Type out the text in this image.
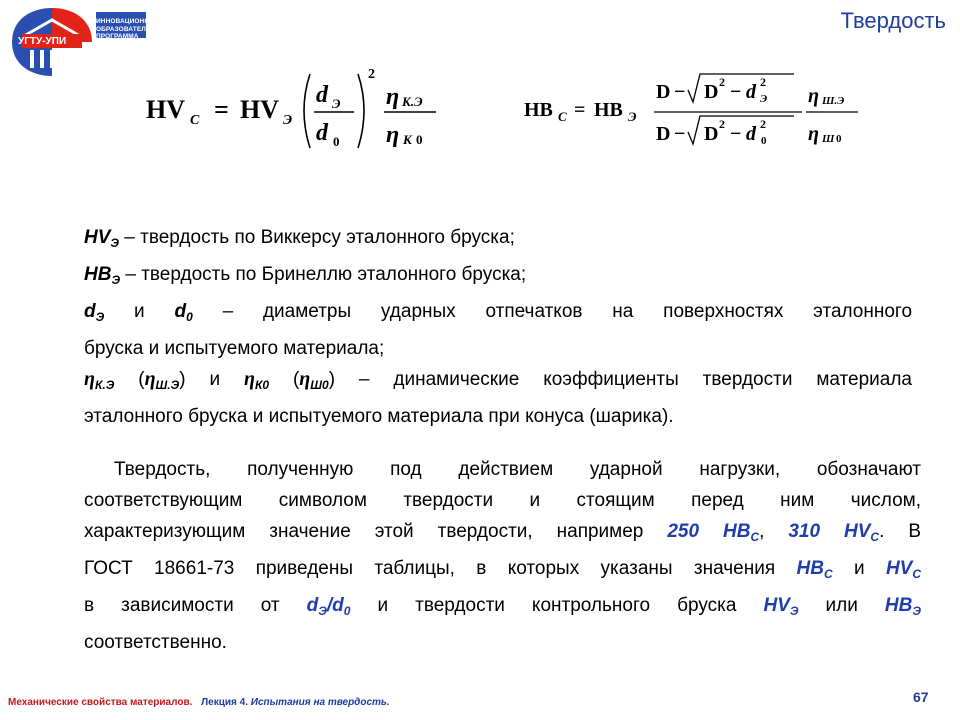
ИННОВАЦИОННАЯ
ОБРАЗОВАТЕЛЬНАЯ
ПРОГРАММА
УГТУ-УПИ
Твердость
HV C = HV Э
d Э
d 0
2
η К.Э
η К 0
HB C = HB Э
D − D 2 − d 2
Э
D − D 2 − d 2
0
η Ш.Э
η Ш 0
$HV_Э$ – твердость по Виккерсу эталонного бруска;
$HB_Э$ – твердость по Бринеллю эталонного бруска;
$d_Э$ и $d_0$ – диаметры ударных отпечатков на поверхностях эталонного
бруска и испытуемого материала;
$\eta_{К.Э}$ $(\eta_{Ш.Э})$ и $\eta_{К0}$ $(\eta_{Ш0})$ – динамические коэффициенты твердости материала
эталонного бруска и испытуемого материала при конуса (шарика).
Твердость, полученную под действием ударной нагрузки, обозначают
соответствующим символом твердости и стоящим перед ним числом,
характеризующим значение этой твердости, например 250 $HB_С$, 310 $HV_С$. В
ГОСТ 18661-73 приведены таблицы, в которых указаны значения $HB_С$ и $HV_С$
в зависимости от $d_Э/d_0$ и твердости контрольного бруска $HV_Э$ или $HB_Э$
соответственно.
Механические свойства материалов. Лекция 4. Испытания на твердость.	67
